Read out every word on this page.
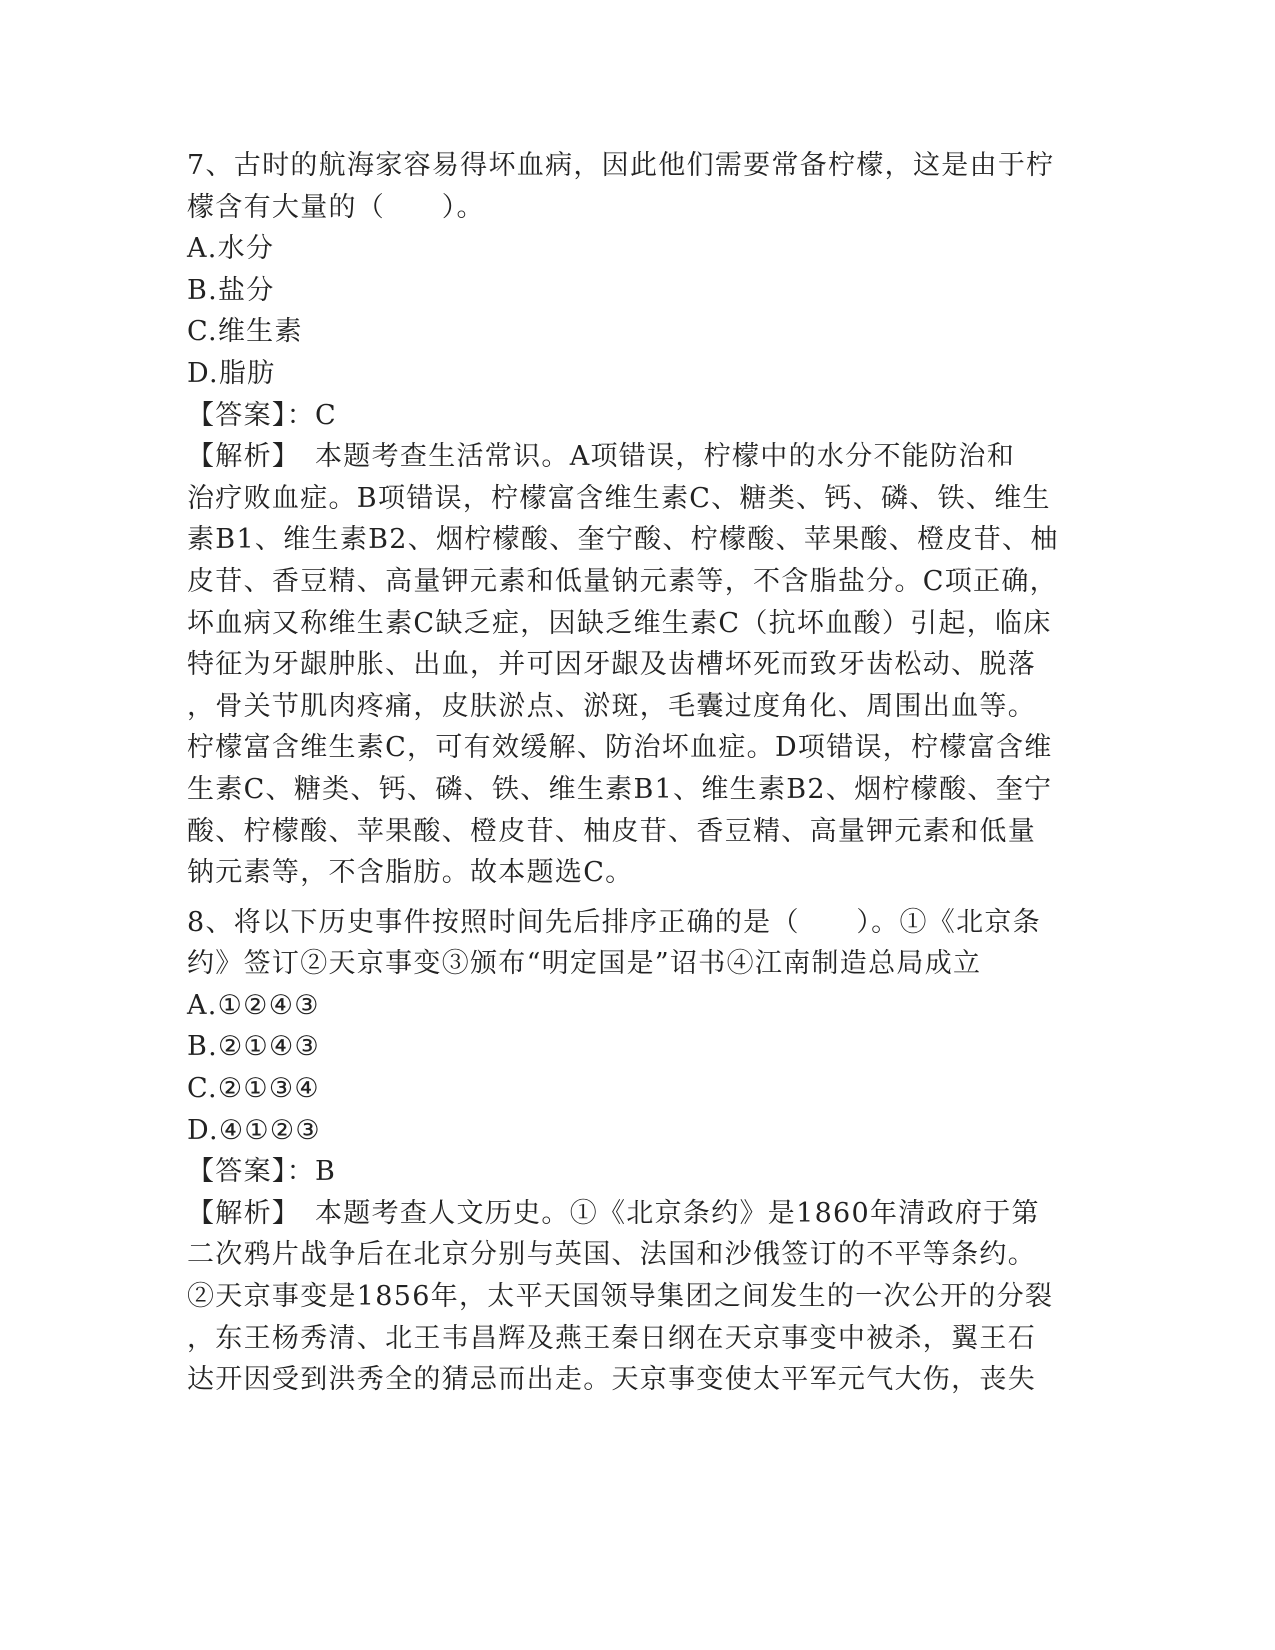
7、古时的航海家容易得坏血病，因此他们需要常备柠檬，这是由于柠
檬含有大量的（　　）。
A.水分
B.盐分
C.维生素
D.脂肪
【答案】：C
【解析】　本题考查生活常识。A项错误，柠檬中的水分不能防治和
治疗败血症。B项错误，柠檬富含维生素C、糖类、钙、磷、铁、维生
素B1、维生素B2、烟柠檬酸、奎宁酸、柠檬酸、苹果酸、橙皮苷、柚
皮苷、香豆精、高量钾元素和低量钠元素等，不含脂盐分。C项正确，
坏血病又称维生素C缺乏症，因缺乏维生素C（抗坏血酸）引起，临床
特征为牙龈肿胀、出血，并可因牙龈及齿槽坏死而致牙齿松动、脱落
，骨关节肌肉疼痛，皮肤淤点、淤斑，毛囊过度角化、周围出血等。
柠檬富含维生素C，可有效缓解、防治坏血症。D项错误，柠檬富含维
生素C、糖类、钙、磷、铁、维生素B1、维生素B2、烟柠檬酸、奎宁
酸、柠檬酸、苹果酸、橙皮苷、柚皮苷、香豆精、高量钾元素和低量
钠元素等，不含脂肪。故本题选C。
8、将以下历史事件按照时间先后排序正确的是（　　）。①《北京条
约》签订②天京事变③颁布“明定国是”诏书④江南制造总局成立
A.①②④③
B.②①④③
C.②①③④
D.④①②③
【答案】：B
【解析】　本题考查人文历史。①《北京条约》是1860年清政府于第
二次鸦片战争后在北京分别与英国、法国和沙俄签订的不平等条约。
②天京事变是1856年，太平天国领导集团之间发生的一次公开的分裂
，东王杨秀清、北王韦昌辉及燕王秦日纲在天京事变中被杀，翼王石
达开因受到洪秀全的猜忌而出走。天京事变使太平军元气大伤，丧失
